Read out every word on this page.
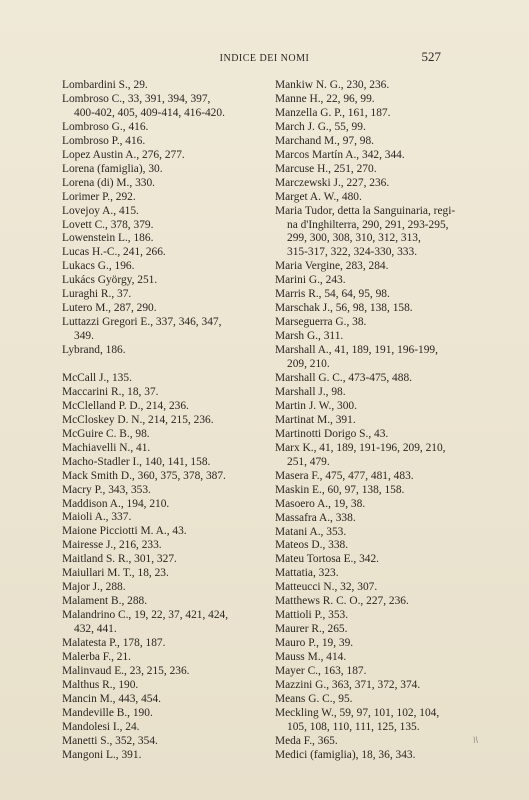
INDICE DEI NOMI	527
Lombardini S., 29.
Lombroso C., 33, 391, 394, 397,
400-402, 405, 409-414, 416-420.
Lombroso G., 416.
Lombroso P., 416.
Lopez Austin A., 276, 277.
Lorena (famiglia), 30.
Lorena (di) M., 330.
Lorimer P., 292.
Lovejoy A., 415.
Lovett C., 378, 379.
Lowenstein L., 186.
Lucas H.-C., 241, 266.
Lukacs G., 196.
Lukács György, 251.
Luraghi R., 37.
Lutero M., 287, 290.
Luttazzi Gregori E., 337, 346, 347,
349.
Lybrand, 186.
McCall J., 135.
Maccarini R., 18, 37.
McClelland P. D., 214, 236.
McCloskey D. N., 214, 215, 236.
McGuire C. B., 98.
Machiavelli N., 41.
Macho-Stadler I., 140, 141, 158.
Mack Smith D., 360, 375, 378, 387.
Macry P., 343, 353.
Maddison A., 194, 210.
Maioli A., 337.
Maione Picciotti M. A., 43.
Mairesse J., 216, 233.
Maitland S. R., 301, 327.
Maiullari M. T., 18, 23.
Major J., 288.
Malament B., 288.
Malandrino C., 19, 22, 37, 421, 424,
432, 441.
Malatesta P., 178, 187.
Malerba F., 21.
Malinvaud E., 23, 215, 236.
Malthus R., 190.
Mancin M., 443, 454.
Mandeville B., 190.
Mandolesi I., 24.
Manetti S., 352, 354.
Mangoni L., 391.
Mankiw N. G., 230, 236.
Manne H., 22, 96, 99.
Manzella G. P., 161, 187.
March J. G., 55, 99.
Marchand M., 97, 98.
Marcos Martín A., 342, 344.
Marcuse H., 251, 270.
Marczewski J., 227, 236.
Marget A. W., 480.
Maria Tudor, detta la Sanguinaria, regi-
na d'Inghilterra, 290, 291, 293-295,
299, 300, 308, 310, 312, 313,
315-317, 322, 324-330, 333.
Maria Vergine, 283, 284.
Marini G., 243.
Marris R., 54, 64, 95, 98.
Marschak J., 56, 98, 138, 158.
Marseguerra G., 38.
Marsh G., 311.
Marshall A., 41, 189, 191, 196-199,
209, 210.
Marshall G. C., 473-475, 488.
Marshall J., 98.
Martin J. W., 300.
Martinat M., 391.
Martinotti Dorigo S., 43.
Marx K., 41, 189, 191-196, 209, 210,
251, 479.
Masera F., 475, 477, 481, 483.
Maskin E., 60, 97, 138, 158.
Masoero A., 19, 38.
Massafra A., 338.
Matani A., 353.
Mateos D., 338.
Mateu Tortosa E., 342.
Mattatia, 323.
Matteucci N., 32, 307.
Matthews R. C. O., 227, 236.
Mattioli P., 353.
Maurer R., 265.
Mauro P., 19, 39.
Mauss M., 414.
Mayer C., 163, 187.
Mazzini G., 363, 371, 372, 374.
Means G. C., 95.
Meckling W., 59, 97, 101, 102, 104,
105, 108, 110, 111, 125, 135.
Meda F., 365.
Medici (famiglia), 18, 36, 343.
\\
